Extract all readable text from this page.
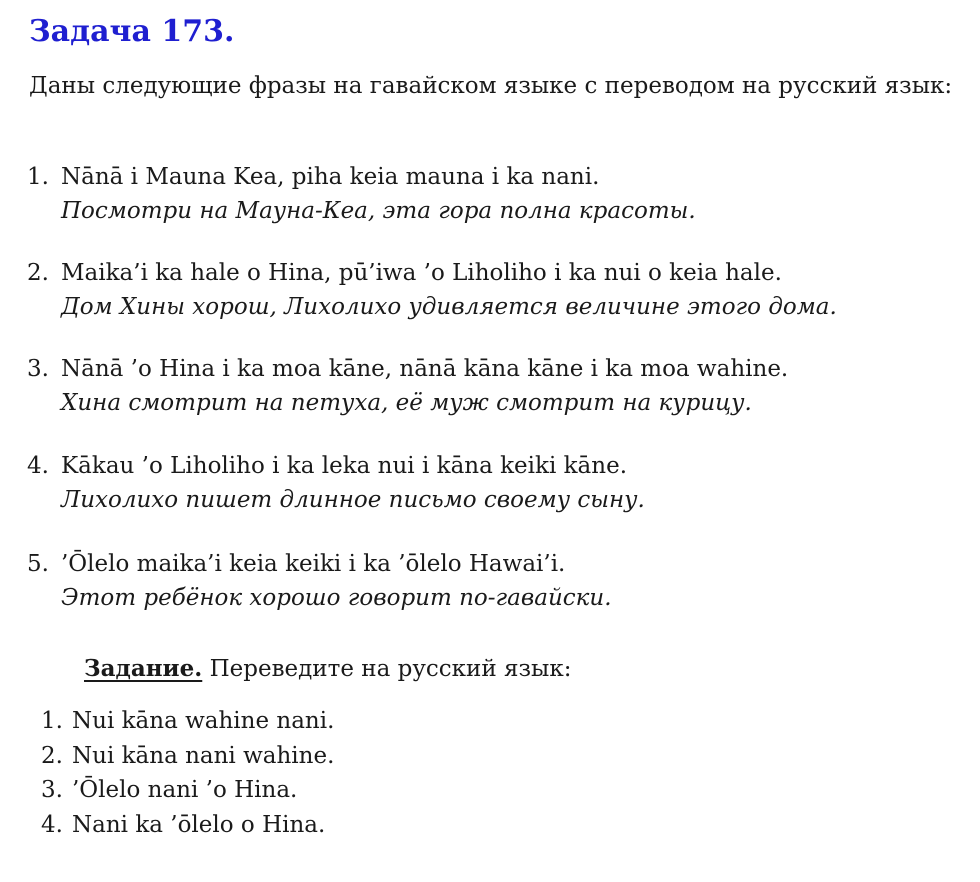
Задача 173.

Даны следующие фразы на гавайском языке с переводом на русский язык:

1. Nānā i Mauna Kea, piha keia mauna i ka nani.
Посмотри на Мауна-Кеа, эта гора полна красоты.
2. Maika’i ka hale o Hina, pū’iwa ’o Liholiho i ka nui o keia hale.
Дом Хины хорош, Лихолихо удивляется величине этого дома.
3. Nānā ’o Hina i ka moa kāne, nānā kāna kāne i ka moa wahine.
Хина смотрит на петуха, её муж смотрит на курицу.
4. Kākau ’o Liholiho i ka leka nui i kāna keiki kāne.
Лихолихо пишет длинное письмо своему сыну.
5. ’Ōlelo maika’i keia keiki i ka ’ōlelo Hawai’i.
Этот ребёнок хорошо говорит по-гавайски.
Задание. Переведите на русский язык:
1. Nui kāna wahine nani.
2. Nui kāna nani wahine.
3. ’Ōlelo nani ’o Hina.
4. Nani ka ’ōlelo o Hina.
